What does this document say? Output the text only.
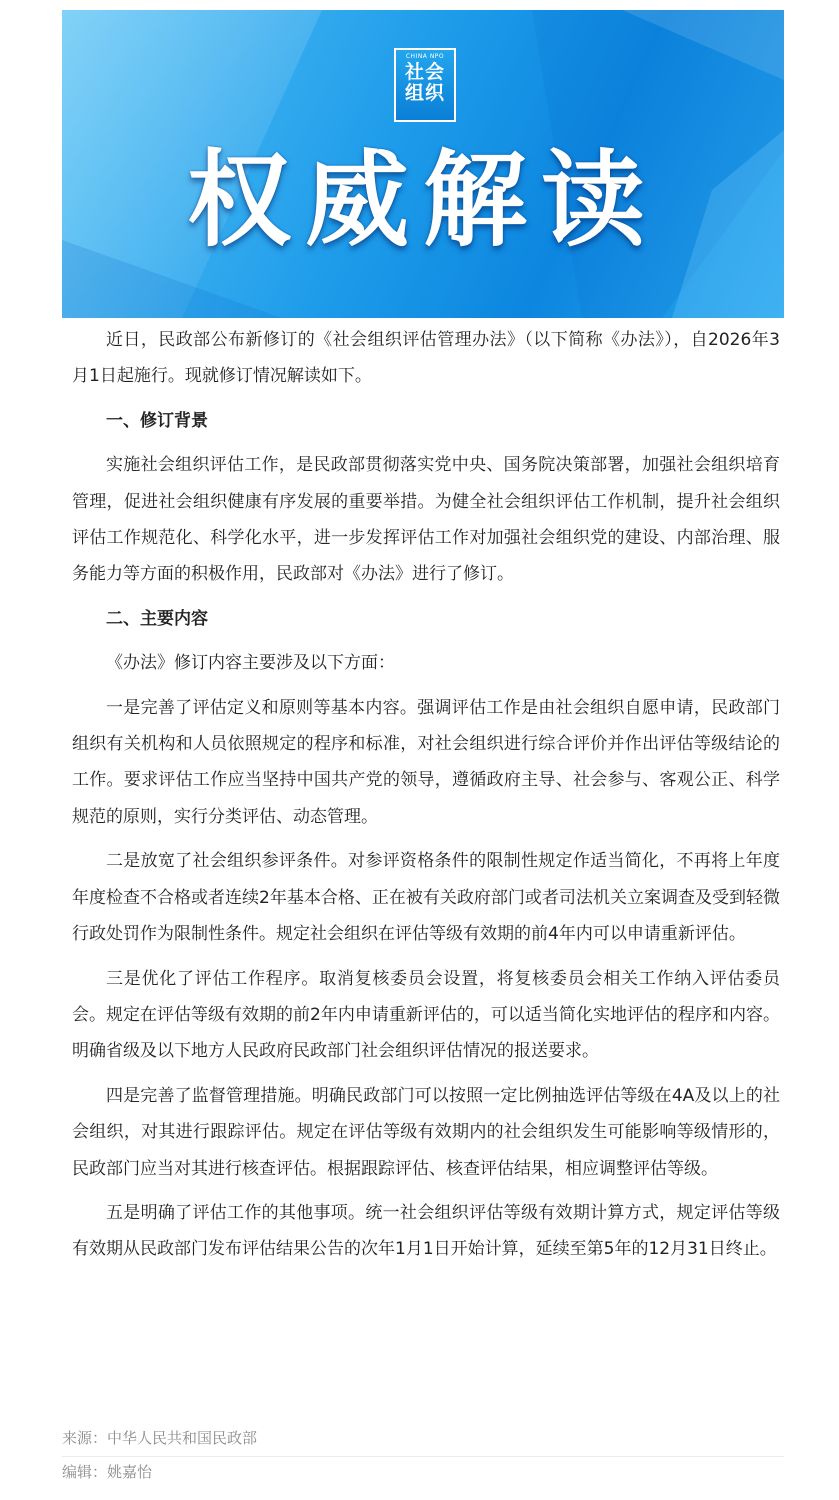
CHINA NPO
社会
组织
权威解读

近日，民政部公布新修订的《社会组织评估管理办法》（以下简称《办法》），自2026年3月1日起施行。现就修订情况解读如下。

一、修订背景

实施社会组织评估工作，是民政部贯彻落实党中央、国务院决策部署，加强社会组织培育管理，促进社会组织健康有序发展的重要举措。为健全社会组织评估工作机制，提升社会组织评估工作规范化、科学化水平，进一步发挥评估工作对加强社会组织党的建设、内部治理、服务能力等方面的积极作用，民政部对《办法》进行了修订。

二、主要内容

《办法》修订内容主要涉及以下方面：

一是完善了评估定义和原则等基本内容。强调评估工作是由社会组织自愿申请，民政部门组织有关机构和人员依照规定的程序和标准，对社会组织进行综合评价并作出评估等级结论的工作。要求评估工作应当坚持中国共产党的领导，遵循政府主导、社会参与、客观公正、科学规范的原则，实行分类评估、动态管理。

二是放宽了社会组织参评条件。对参评资格条件的限制性规定作适当简化，不再将上年度年度检查不合格或者连续2年基本合格、正在被有关政府部门或者司法机关立案调查及受到轻微行政处罚作为限制性条件。规定社会组织在评估等级有效期的前4年内可以申请重新评估。

三是优化了评估工作程序。取消复核委员会设置，将复核委员会相关工作纳入评估委员会。规定在评估等级有效期的前2年内申请重新评估的，可以适当简化实地评估的程序和内容。明确省级及以下地方人民政府民政部门社会组织评估情况的报送要求。

四是完善了监督管理措施。明确民政部门可以按照一定比例抽选评估等级在4A及以上的社会组织，对其进行跟踪评估。规定在评估等级有效期内的社会组织发生可能影响等级情形的，民政部门应当对其进行核查评估。根据跟踪评估、核查评估结果，相应调整评估等级。

五是明确了评估工作的其他事项。统一社会组织评估等级有效期计算方式，规定评估等级有效期从民政部门发布评估结果公告的次年1月1日开始计算，延续至第5年的12月31日终止。

来源：中华人民共和国民政部
编辑：姚嘉怡
